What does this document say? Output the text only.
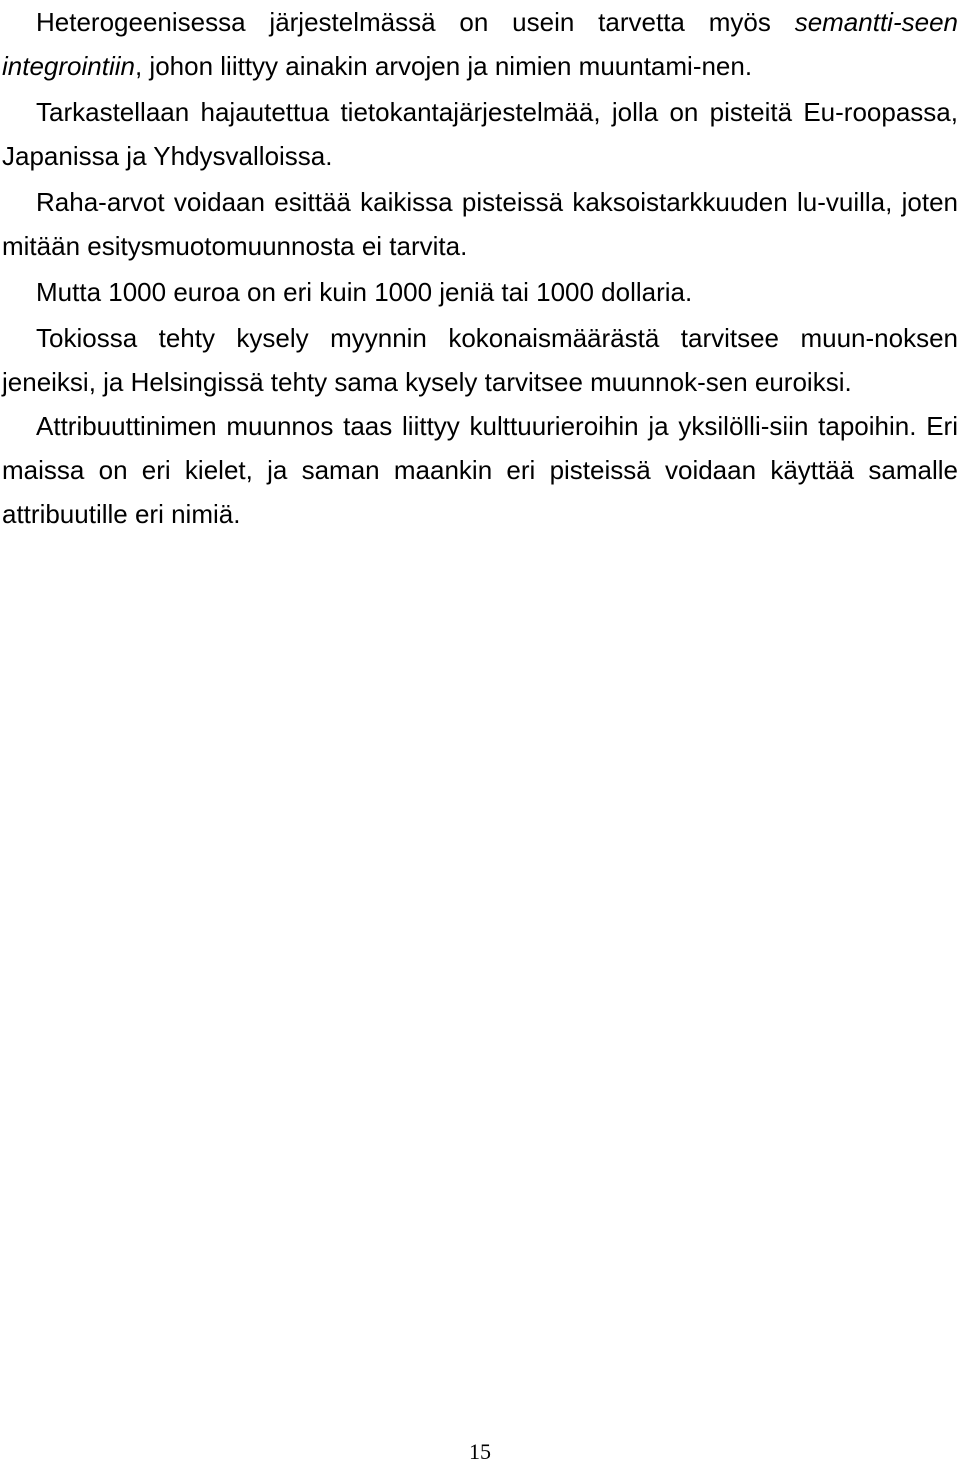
Heterogeenisessa järjestelmässä on usein tarvetta myös semantti-seen integrointiin, johon liittyy ainakin arvojen ja nimien muuntami-nen.

Tarkastellaan hajautettua tietokantajärjestelmää, jolla on pisteitä Eu-roopassa, Japanissa ja Yhdysvalloissa.

Raha-arvot voidaan esittää kaikissa pisteissä kaksoistarkkuuden lu-vuilla, joten mitään esitysmuotomuunnosta ei tarvita.

Mutta 1000 euroa on eri kuin 1000 jeniä tai 1000 dollaria.

Tokiossa tehty kysely myynnin kokonaismäärästä tarvitsee muun-noksen jeneiksi, ja Helsingissä tehty sama kysely tarvitsee muunnok-sen euroiksi.

Attribuuttinimen muunnos taas liittyy kulttuurieroihin ja yksilölli-siin tapoihin. Eri maissa on eri kielet, ja saman maankin eri pisteissä voidaan käyttää samalle attribuutille eri nimiä.

15
